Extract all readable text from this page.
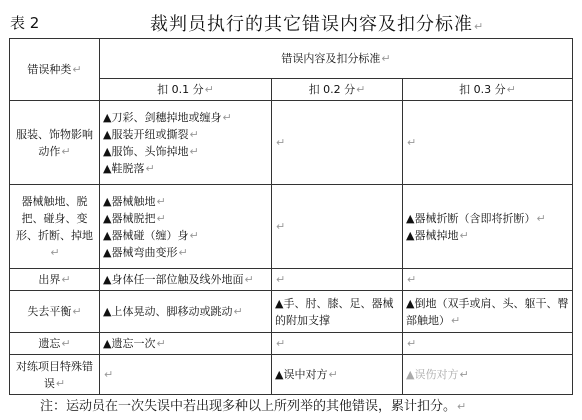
表 2	裁判员执行的其它错误内容及扣分标准↵
错误种类↵	错误内容及扣分标准↵		
	扣 0.1 分↵	扣 0.2 分↵	扣 0.3 分↵
服装、饰物影响动作↵	▲刀彩、剑穗掉地或缠身↵
▲服装开纽或撕裂↵
▲服饰、头饰掉地↵
▲鞋脱落↵	↵	↵
器械触地、脱把、碰身、变形、折断、掉地↵	▲器械触地↵
▲器械脱把↵
▲器械碰（缠）身↵
▲器械弯曲变形↵	↵	▲器械折断（含即将折断）↵
▲器械掉地↵

出界↵	▲身体任一部位触及线外地面↵	↵	↵
失去平衡↵	▲上体晃动、脚移动或跳动↵	▲手、肘、膝、足、器械的附加支撑	▲倒地（双手或肩、头、躯干、臀部触地）↵

遗忘↵	▲遗忘一次↵	↵	↵
对练项目特殊错误↵	↵	▲误中对方↵	▲误伤对方↵
注：运动员在一次失误中若出现多种以上所列举的其他错误，累计扣分。↵
